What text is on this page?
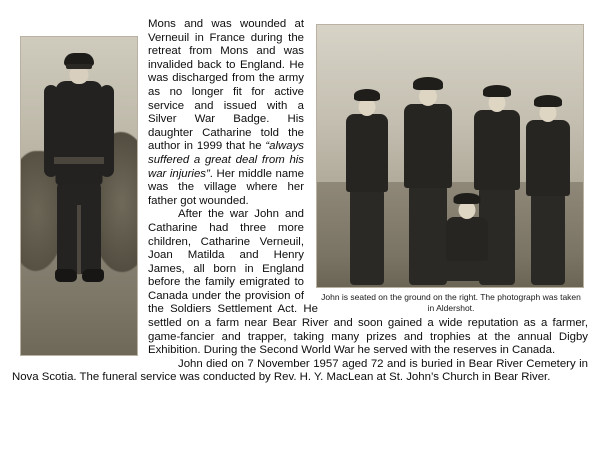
John is seated on the ground on the right. The photograph was taken in Aldershot.

Mons and was wounded at Verneuil in France during the retreat from Mons and was invalided back to England. He was discharged from the army as no longer fit for active service and issued with a Silver War Badge. His daughter Catharine told the author in 1999 that he “always suffered a great deal from his war injuries”. Her middle name was the village where her father got wounded.

After the war John and Catharine had three more children, Catharine Verneuil, Joan Matilda and Henry James, all born in England before the family emigrated to Canada under the provision of the Soldiers Settlement Act. He settled on a farm near Bear River and soon gained a wide reputation as a farmer, game-fancier and trapper, taking many prizes and trophies at the annual Digby Exhibition. During the Second World War he served with the reserves in Canada.

John died on 7 November 1957 aged 72 and is buried in Bear River Cemetery in Nova Scotia. The funeral service was conducted by Rev. H. Y. MacLean at St. John’s Church in Bear River.
